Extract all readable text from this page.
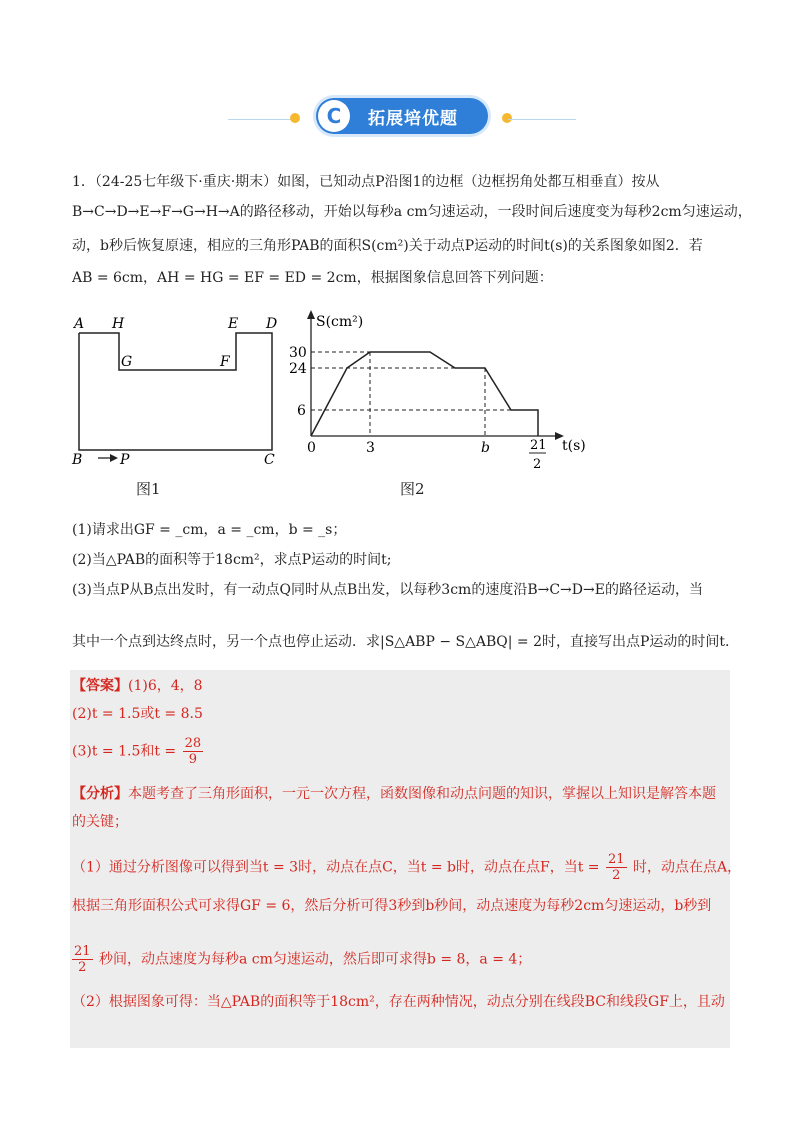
C	拓展培优题
1．（24-25七年级下·重庆·期末）如图，已知动点P沿图1的边框（边框拐角处都互相垂直）按从
B→C→D→E→F→G→H→A的路径移动，开始以每秒a cm匀速运动，一段时间后速度变为每秒2cm匀速运动，
动，b秒后恢复原速，相应的三角形PAB的面积S(cm²)关于动点P运动的时间t(s)的关系图象如图2．若
AB = 6cm，AH = HG = EF = ED = 2cm，根据图象信息回答下列问题：
A H	E D
G	F
B	P	C
图1
S(cm²)
t(s)
30
24
6
0	3	b	21
2
图2
(1)请求出GF = _cm，a = _cm，b = _s；
(2)当△PAB的面积等于18cm²，求点P运动的时间t;
(3)当点P从B点出发时，有一动点Q同时从点B出发，以每秒3cm的速度沿B→C→D→E的路径运动，当
其中一个点到达终点时，另一个点也停止运动．求|S△ABP − S△ABQ| = 2时，直接写出点P运动的时间t.
【答案】(1)6，4，8
(2)t = 1.5或t = 8.5
(3)t = 1.5和$t = \frac{28}{9}$
【分析】本题考查了三角形面积，一元一次方程，函数图像和动点问题的知识，掌握以上知识是解答本题
的关键；
（1）通过分析图像可以得到当t = 3时，动点在点C，当t = b时，动点在点F，当$t = \frac{21}{2}$ 时，动点在点A，
根据三角形面积公式可求得GF = 6，然后分析可得3秒到b秒间，动点速度为每秒2cm匀速运动，b秒到
$\frac{21}{2}$ 秒间，动点速度为每秒a cm匀速运动，然后即可求得b = 8，a = 4；
（2）根据图象可得：当△PAB的面积等于18cm²，存在两种情况，动点分别在线段BC和线段GF上，且动
